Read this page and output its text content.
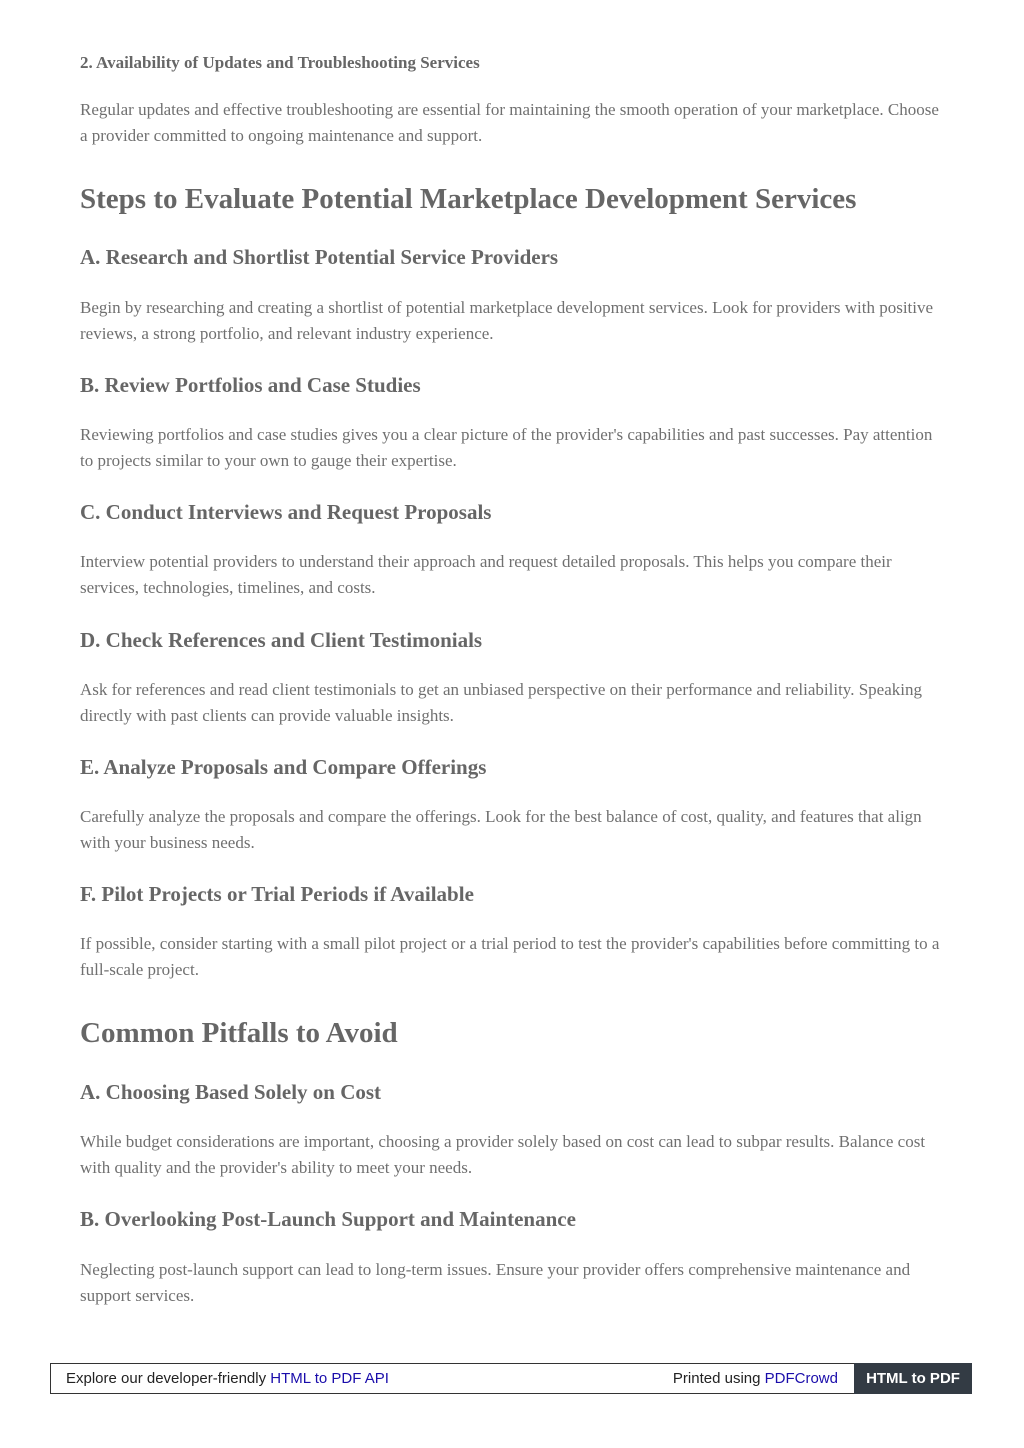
2. Availability of Updates and Troubleshooting Services

Regular updates and effective troubleshooting are essential for maintaining the smooth operation of your marketplace. Choose a provider committed to ongoing maintenance and support.

Steps to Evaluate Potential Marketplace Development Services
A. Research and Shortlist Potential Service Providers

Begin by researching and creating a shortlist of potential marketplace development services. Look for providers with positive reviews, a strong portfolio, and relevant industry experience.

B. Review Portfolios and Case Studies

Reviewing portfolios and case studies gives you a clear picture of the provider's capabilities and past successes. Pay attention to projects similar to your own to gauge their expertise.

C. Conduct Interviews and Request Proposals

Interview potential providers to understand their approach and request detailed proposals. This helps you compare their services, technologies, timelines, and costs.

D. Check References and Client Testimonials

Ask for references and read client testimonials to get an unbiased perspective on their performance and reliability. Speaking directly with past clients can provide valuable insights.

E. Analyze Proposals and Compare Offerings

Carefully analyze the proposals and compare the offerings. Look for the best balance of cost, quality, and features that align with your business needs.

F. Pilot Projects or Trial Periods if Available

If possible, consider starting with a small pilot project or a trial period to test the provider's capabilities before committing to a full-scale project.

Common Pitfalls to Avoid
A. Choosing Based Solely on Cost

While budget considerations are important, choosing a provider solely based on cost can lead to subpar results. Balance cost with quality and the provider's ability to meet your needs.

B. Overlooking Post-Launch Support and Maintenance

Neglecting post-launch support can lead to long-term issues. Ensure your provider offers comprehensive maintenance and support services.

Explore our developer-friendly HTML to PDF API	Printed using PDFCrowd	HTML to PDF
